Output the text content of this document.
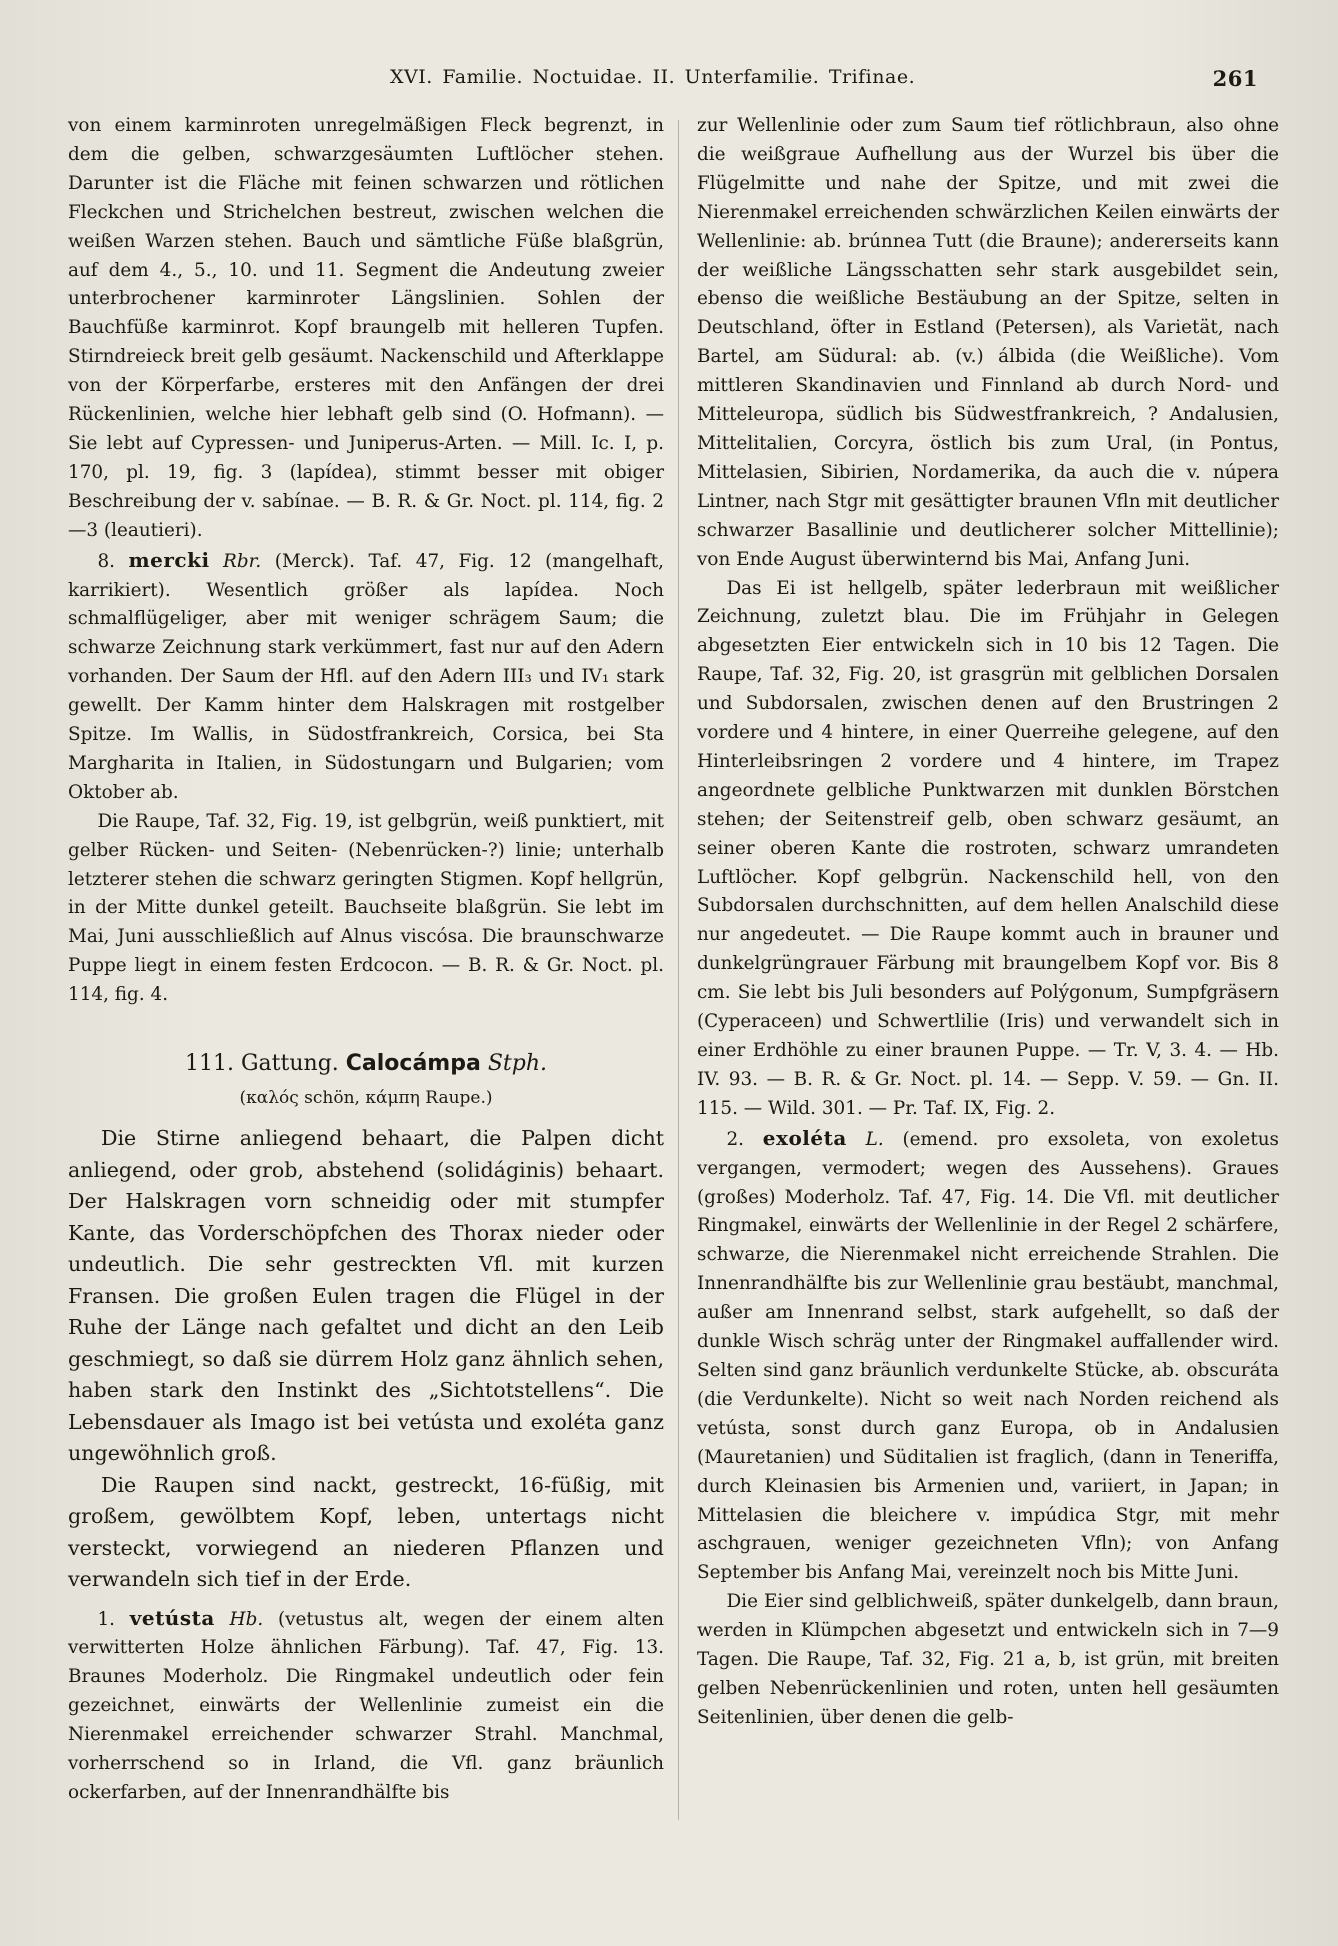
XVI. Familie. Noctuidae. II. Unterfamilie. Trifinae.	261

von einem karminroten unregelmäßigen Fleck begrenzt, in dem die gelben, schwarzgesäumten Luftlöcher stehen. Darunter ist die Fläche mit feinen schwarzen und rötlichen Fleckchen und Strichelchen bestreut, zwischen welchen die weißen Warzen stehen. Bauch und sämtliche Füße blaßgrün, auf dem 4., 5., 10. und 11. Segment die Andeutung zweier unterbrochener karminroter Längslinien. Sohlen der Bauchfüße karminrot. Kopf braungelb mit helleren Tupfen. Stirndreieck breit gelb gesäumt. Nackenschild und Afterklappe von der Körperfarbe, ersteres mit den Anfängen der drei Rückenlinien, welche hier lebhaft gelb sind (O. Hofmann). — Sie lebt auf Cypressen- und Juniperus-Arten. — Mill. Ic. I, p. 170, pl. 19, fig. 3 (lapídea), stimmt besser mit obiger Beschreibung der v. sabínae. — B. R. & Gr. Noct. pl. 114, fig. 2—3 (leautieri).

8. mercki Rbr. (Merck). Taf. 47, Fig. 12 (mangelhaft, karrikiert). Wesentlich größer als lapídea. Noch schmalflügeliger, aber mit weniger schrägem Saum; die schwarze Zeichnung stark verkümmert, fast nur auf den Adern vorhanden. Der Saum der Hfl. auf den Adern III₃ und IV₁ stark gewellt. Der Kamm hinter dem Halskragen mit rostgelber Spitze. Im Wallis, in Südostfrankreich, Corsica, bei Sta Margharita in Italien, in Südostungarn und Bulgarien; vom Oktober ab.

Die Raupe, Taf. 32, Fig. 19, ist gelbgrün, weiß punktiert, mit gelber Rücken- und Seiten- (Nebenrücken-?) linie; unterhalb letzterer stehen die schwarz geringten Stigmen. Kopf hellgrün, in der Mitte dunkel geteilt. Bauchseite blaßgrün. Sie lebt im Mai, Juni ausschließlich auf Alnus viscósa. Die braunschwarze Puppe liegt in einem festen Erdcocon. — B. R. & Gr. Noct. pl. 114, fig. 4.

111. Gattung. Calocámpa Stph.
(καλός schön, κάμπη Raupe.)

Die Stirne anliegend behaart, die Palpen dicht anliegend, oder grob, abstehend (solidáginis) behaart. Der Halskragen vorn schneidig oder mit stumpfer Kante, das Vorderschöpfchen des Thorax nieder oder undeutlich. Die sehr gestreckten Vfl. mit kurzen Fransen. Die großen Eulen tragen die Flügel in der Ruhe der Länge nach gefaltet und dicht an den Leib geschmiegt, so daß sie dürrem Holz ganz ähnlich sehen, haben stark den Instinkt des „Sichtotstellens“. Die Lebensdauer als Imago ist bei vetústa und exoléta ganz ungewöhnlich groß.

Die Raupen sind nackt, gestreckt, 16-füßig, mit großem, gewölbtem Kopf, leben, untertags nicht versteckt, vorwiegend an niederen Pflanzen und verwandeln sich tief in der Erde.

1. vetústa Hb. (vetustus alt, wegen der einem alten verwitterten Holze ähnlichen Färbung). Taf. 47, Fig. 13. Braunes Moderholz. Die Ringmakel undeutlich oder fein gezeichnet, einwärts der Wellenlinie zumeist ein die Nierenmakel erreichender schwarzer Strahl. Manchmal, vorherrschend so in Irland, die Vfl. ganz bräunlich ockerfarben, auf der Innenrandhälfte bis

zur Wellenlinie oder zum Saum tief rötlichbraun, also ohne die weißgraue Aufhellung aus der Wurzel bis über die Flügelmitte und nahe der Spitze, und mit zwei die Nierenmakel erreichenden schwärzlichen Keilen einwärts der Wellenlinie: ab. brúnnea Tutt (die Braune); andererseits kann der weißliche Längsschatten sehr stark ausgebildet sein, ebenso die weißliche Bestäubung an der Spitze, selten in Deutschland, öfter in Estland (Petersen), als Varietät, nach Bartel, am Südural: ab. (v.) álbida (die Weißliche). Vom mittleren Skandinavien und Finnland ab durch Nord- und Mitteleuropa, südlich bis Südwestfrankreich, ? Andalusien, Mittelitalien, Corcyra, östlich bis zum Ural, (in Pontus, Mittelasien, Sibirien, Nordamerika, da auch die v. núpera Lintner, nach Stgr mit gesättigter braunen Vfln mit deutlicher schwarzer Basallinie und deutlicherer solcher Mittellinie); von Ende August überwinternd bis Mai, Anfang Juni.

Das Ei ist hellgelb, später lederbraun mit weißlicher Zeichnung, zuletzt blau. Die im Frühjahr in Gelegen abgesetzten Eier entwickeln sich in 10 bis 12 Tagen. Die Raupe, Taf. 32, Fig. 20, ist grasgrün mit gelblichen Dorsalen und Subdorsalen, zwischen denen auf den Brustringen 2 vordere und 4 hintere, in einer Querreihe gelegene, auf den Hinterleibsringen 2 vordere und 4 hintere, im Trapez angeordnete gelbliche Punktwarzen mit dunklen Börstchen stehen; der Seitenstreif gelb, oben schwarz gesäumt, an seiner oberen Kante die rostroten, schwarz umrandeten Luftlöcher. Kopf gelbgrün. Nackenschild hell, von den Subdorsalen durchschnitten, auf dem hellen Analschild diese nur angedeutet. — Die Raupe kommt auch in brauner und dunkelgrüngrauer Färbung mit braungelbem Kopf vor. Bis 8 cm. Sie lebt bis Juli besonders auf Polýgonum, Sumpfgräsern (Cyperaceen) und Schwertlilie (Iris) und verwandelt sich in einer Erdhöhle zu einer braunen Puppe. — Tr. V, 3. 4. — Hb. IV. 93. — B. R. & Gr. Noct. pl. 14. — Sepp. V. 59. — Gn. II. 115. — Wild. 301. — Pr. Taf. IX, Fig. 2.

2. exoléta L. (emend. pro exsoleta, von exoletus vergangen, vermodert; wegen des Aussehens). Graues (großes) Moderholz. Taf. 47, Fig. 14. Die Vfl. mit deutlicher Ringmakel, einwärts der Wellenlinie in der Regel 2 schärfere, schwarze, die Nierenmakel nicht erreichende Strahlen. Die Innenrandhälfte bis zur Wellenlinie grau bestäubt, manchmal, außer am Innenrand selbst, stark aufgehellt, so daß der dunkle Wisch schräg unter der Ringmakel auffallender wird. Selten sind ganz bräunlich verdunkelte Stücke, ab. obscuráta (die Verdunkelte). Nicht so weit nach Norden reichend als vetústa, sonst durch ganz Europa, ob in Andalusien (Mauretanien) und Süditalien ist fraglich, (dann in Teneriffa, durch Kleinasien bis Armenien und, variiert, in Japan; in Mittelasien die bleichere v. impúdica Stgr, mit mehr aschgrauen, weniger gezeichneten Vfln); von Anfang September bis Anfang Mai, vereinzelt noch bis Mitte Juni.

Die Eier sind gelblichweiß, später dunkelgelb, dann braun, werden in Klümpchen abgesetzt und entwickeln sich in 7—9 Tagen. Die Raupe, Taf. 32, Fig. 21 a, b, ist grün, mit breiten gelben Nebenrückenlinien und roten, unten hell gesäumten Seitenlinien, über denen die gelb-
